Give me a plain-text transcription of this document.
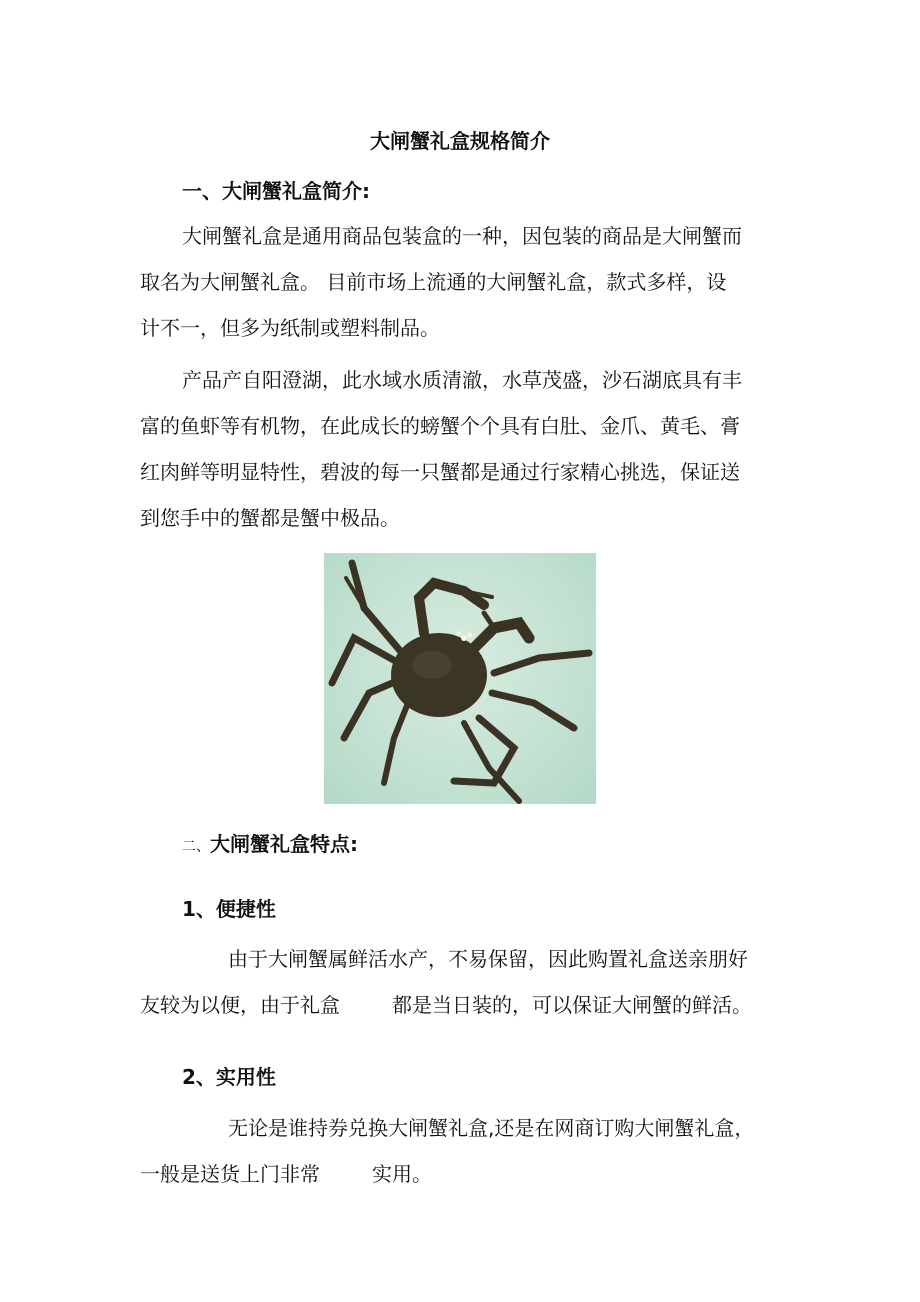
大闸蟹礼盒规格简介
一、大闸蟹礼盒简介:
大闸蟹礼盒是通用商品包装盒的一种，因包装的商品是大闸蟹而
取名为大闸蟹礼盒。 目前市场上流通的大闸蟹礼盒，款式多样，设
计不一，但多为纸制或塑料制品。
产品产自阳澄湖，此水域水质清澈，水草茂盛，沙石湖底具有丰
富的鱼虾等有机物，在此成长的螃蟹个个具有白肚、金爪、黄毛、膏
红肉鲜等明显特性，碧波的每一只蟹都是通过行家精心挑选，保证送
到您手中的蟹都是蟹中极品。
二、大闸蟹礼盒特点:
1、便捷性
由于大闸蟹属鲜活水产，不易保留，因此购置礼盒送亲朋好
友较为以便，由于礼盒	都是当日装的，可以保证大闸蟹的鲜活。
2、实用性
无论是谁持券兑换大闸蟹礼盒,还是在网商订购大闸蟹礼盒，
一般是送货上门非常	实用。
